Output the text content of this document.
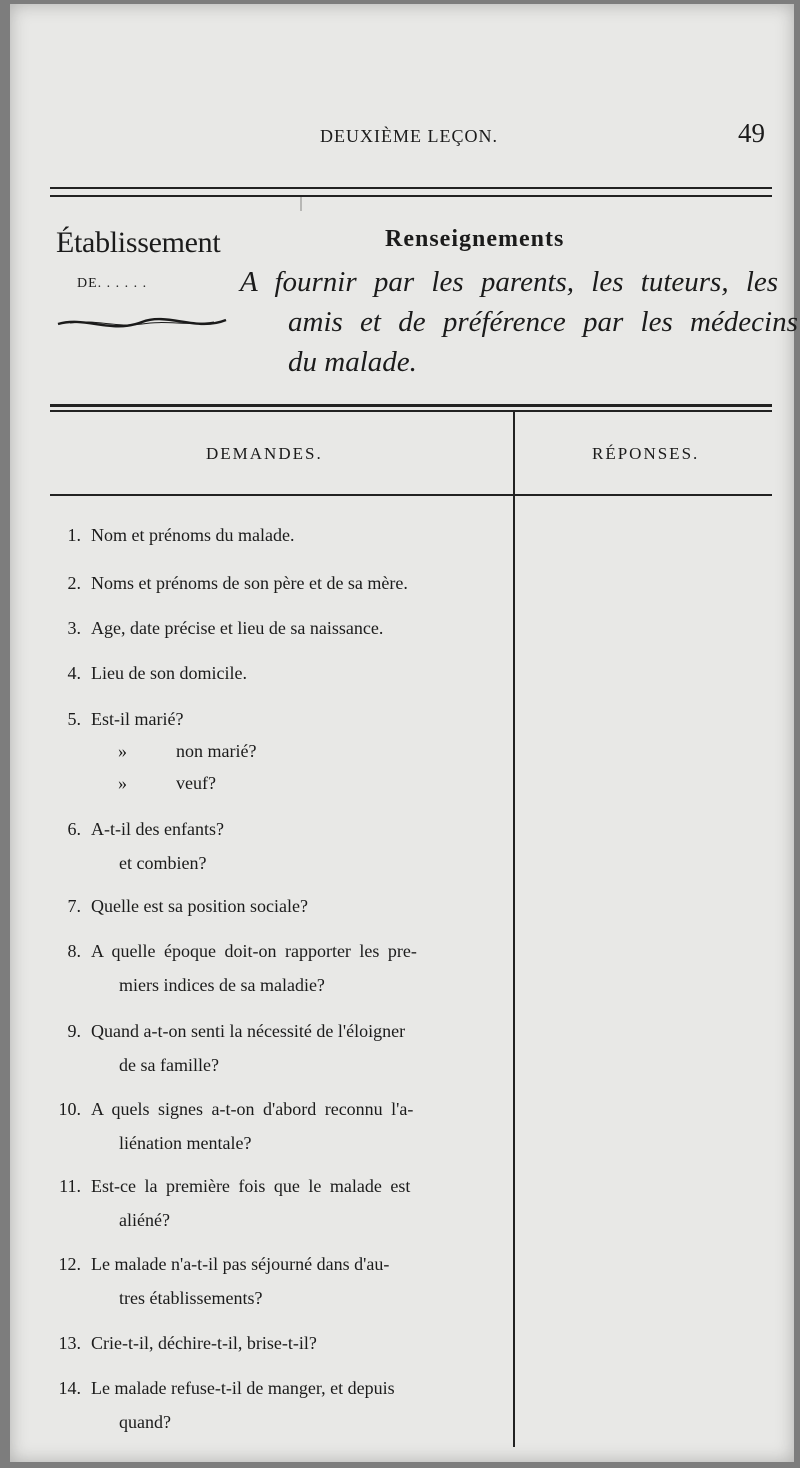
DEUXIÈME LEÇON.	49
Établissement
DE. . . . . .
Renseignements
A fournir par les parents, les tuteurs, les
amis et de préférence par les médecins
du malade.
DEMANDES.	RÉPONSES.
1. Nom et prénoms du malade.
2. Noms et prénoms de son père et de sa mère.
3. Age, date précise et lieu de sa naissance.
4. Lieu de son domicile.
5. Est-il marié?
»	non marié?
»	veuf?
6. A-t-il des enfants?
et combien?
7. Quelle est sa position sociale?
8. A quelle époque doit-on rapporter les pre-
miers indices de sa maladie?
9. Quand a-t-on senti la nécessité de l'éloigner
de sa famille?
10. A quels signes a-t-on d'abord reconnu l'a-
liénation mentale?
11. Est-ce la première fois que le malade est
aliéné?
12. Le malade n'a-t-il pas séjourné dans d'au-
tres établissements?
13. Crie-t-il, déchire-t-il, brise-t-il?
14. Le malade refuse-t-il de manger, et depuis
quand?
